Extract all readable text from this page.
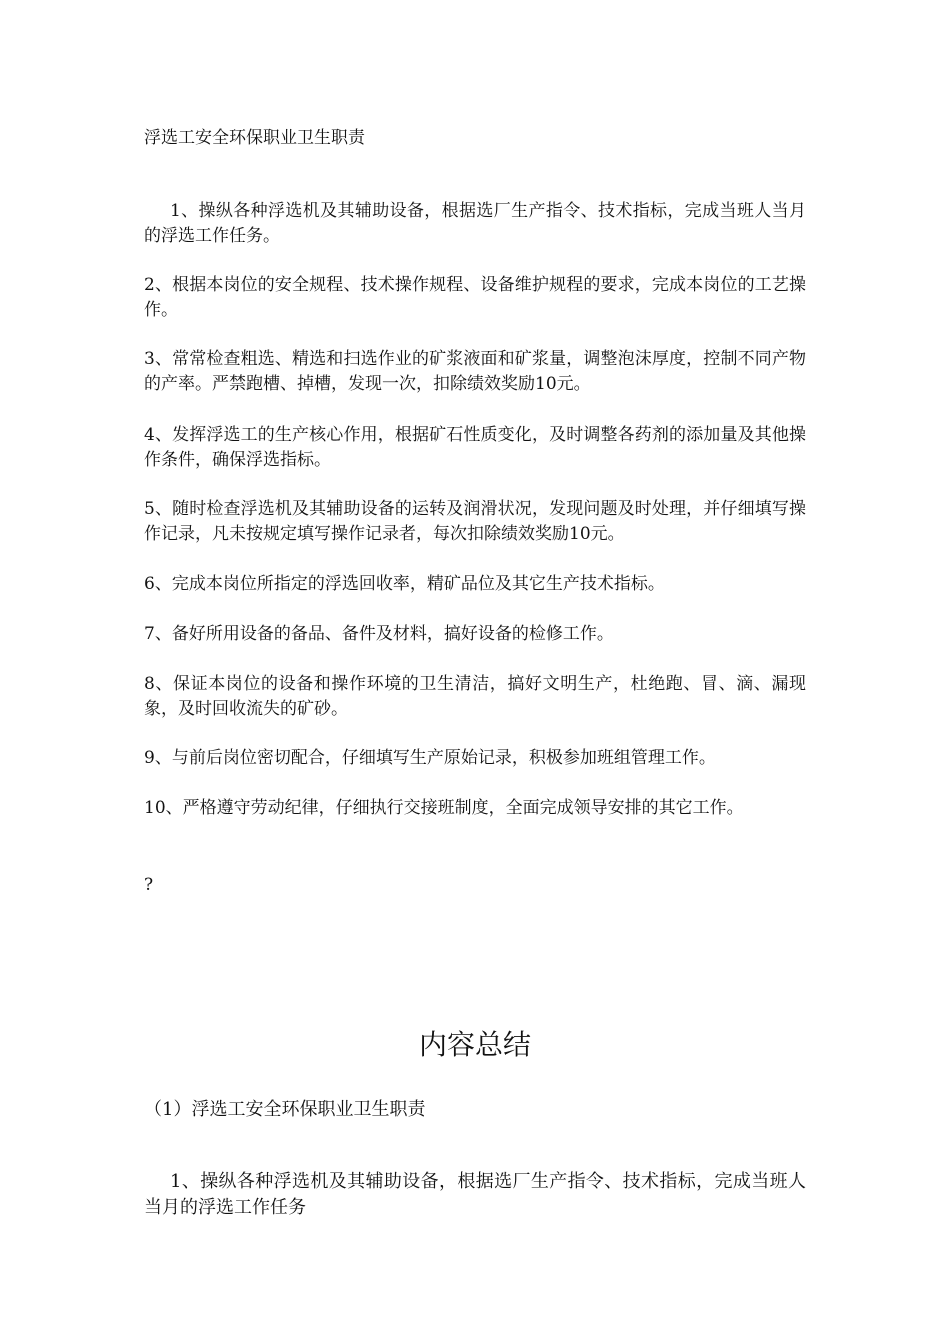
浮选工安全环保职业卫生职责

1、操纵各种浮选机及其辅助设备，根据选厂生产指令、技术指标，完成当班人当月的浮选工作任务。

2、根据本岗位的安全规程、技术操作规程、设备维护规程的要求，完成本岗位的工艺操作。

3、常常检查粗选、精选和扫选作业的矿浆液面和矿浆量，调整泡沫厚度，控制不同产物的产率。严禁跑槽、掉槽，发现一次，扣除绩效奖励10元。

4、发挥浮选工的生产核心作用，根据矿石性质变化，及时调整各药剂的添加量及其他操作条件，确保浮选指标。

5、随时检查浮选机及其辅助设备的运转及润滑状况，发现问题及时处理，并仔细填写操作记录，凡未按规定填写操作记录者，每次扣除绩效奖励10元。

6、完成本岗位所指定的浮选回收率，精矿品位及其它生产技术指标。

7、备好所用设备的备品、备件及材料，搞好设备的检修工作。

8、保证本岗位的设备和操作环境的卫生清洁，搞好文明生产，杜绝跑、冒、滴、漏现象，及时回收流失的矿砂。

9、与前后岗位密切配合，仔细填写生产原始记录，积极参加班组管理工作。

10、严格遵守劳动纪律，仔细执行交接班制度，全面完成领导安排的其它工作。

?

内容总结

（1）浮选工安全环保职业卫生职责

1、操纵各种浮选机及其辅助设备，根据选厂生产指令、技术指标，完成当班人当月的浮选工作任务
